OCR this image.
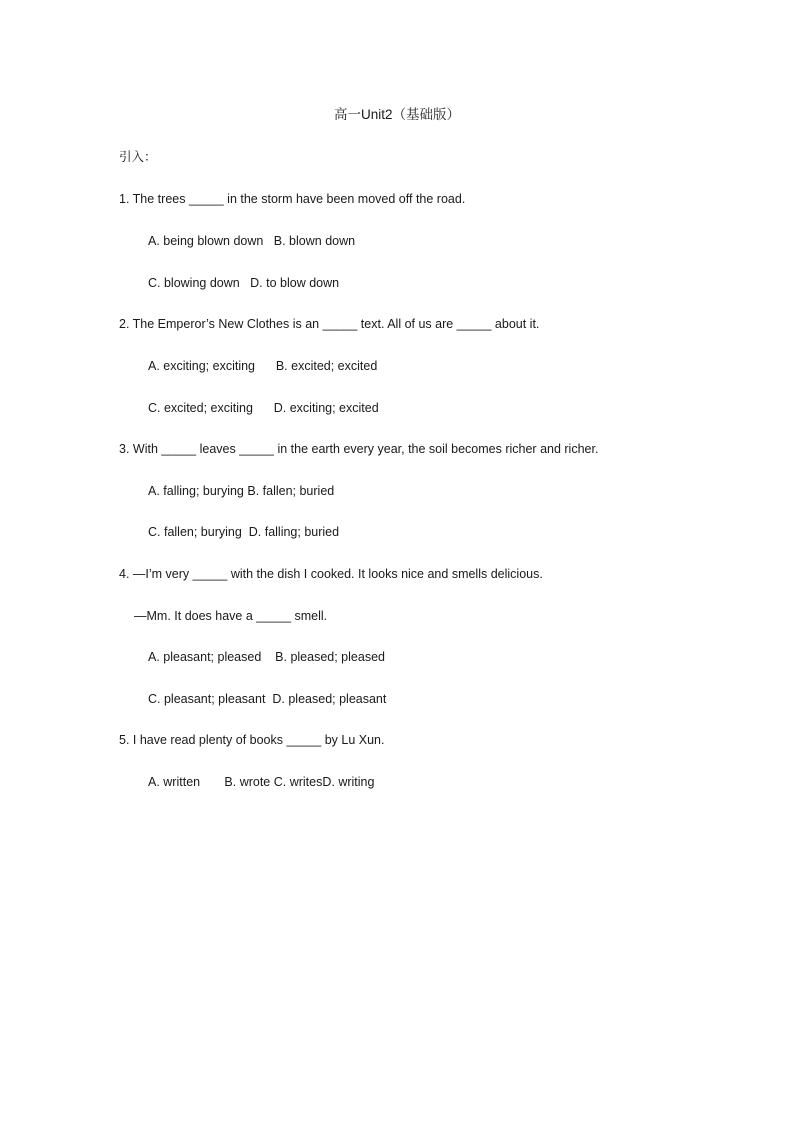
高一Unit2（基础版）
引入：
1. The trees _____ in the storm have been moved off the road.
A. being blown down   B. blown down
C. blowing down   D. to blow down
2. The Emperor’s New Clothes is an _____ text. All of us are _____ about it.
A. exciting; exciting      B. excited; excited
C. excited; exciting      D. exciting; excited
3. With _____ leaves _____ in the earth every year, the soil becomes richer and richer.
A. falling; burying B. fallen; buried
C. fallen; burying  D. falling; buried
4. —I’m very _____ with the dish I cooked. It looks nice and smells delicious.
—Mm. It does have a _____ smell.
A. pleasant; pleased    B. pleased; pleased
C. pleasant; pleasant  D. pleased; pleasant
5. I have read plenty of books _____ by Lu Xun.
A. written       B. wrote C. writesD. writing
